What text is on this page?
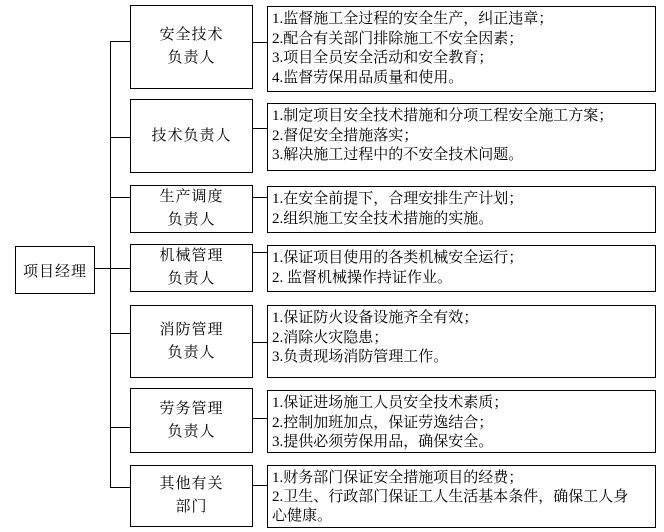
项目经理
安全技术
负责人
1.监督施工全过程的安全生产，纠正违章；
2.配合有关部门排除施工不安全因素；
3.项目全员安全活动和安全教育；
4.监督劳保用品质量和使用。
技术负责人
1.制定项目安全技术措施和分项工程安全施工方案；
2.督促安全措施落实；
3.解决施工过程中的不安全技术问题。
生产调度
负责人
1.在安全前提下，合理安排生产计划；
2.组织施工安全技术措施的实施。
机械管理
负责人
1.保证项目使用的各类机械安全运行；
2. 监督机械操作持证作业。
消防管理
负责人
1.保证防火设备设施齐全有效；
2.消除火灾隐患；
3.负责现场消防管理工作。
劳务管理
负责人
1.保证进场施工人员安全技术素质；
2.控制加班加点，保证劳逸结合；
3.提供必须劳保用品，确保安全。
其他有关
部门
1.财务部门保证安全措施项目的经费；
2.卫生、行政部门保证工人生活基本条件，确保工人身心健康。
